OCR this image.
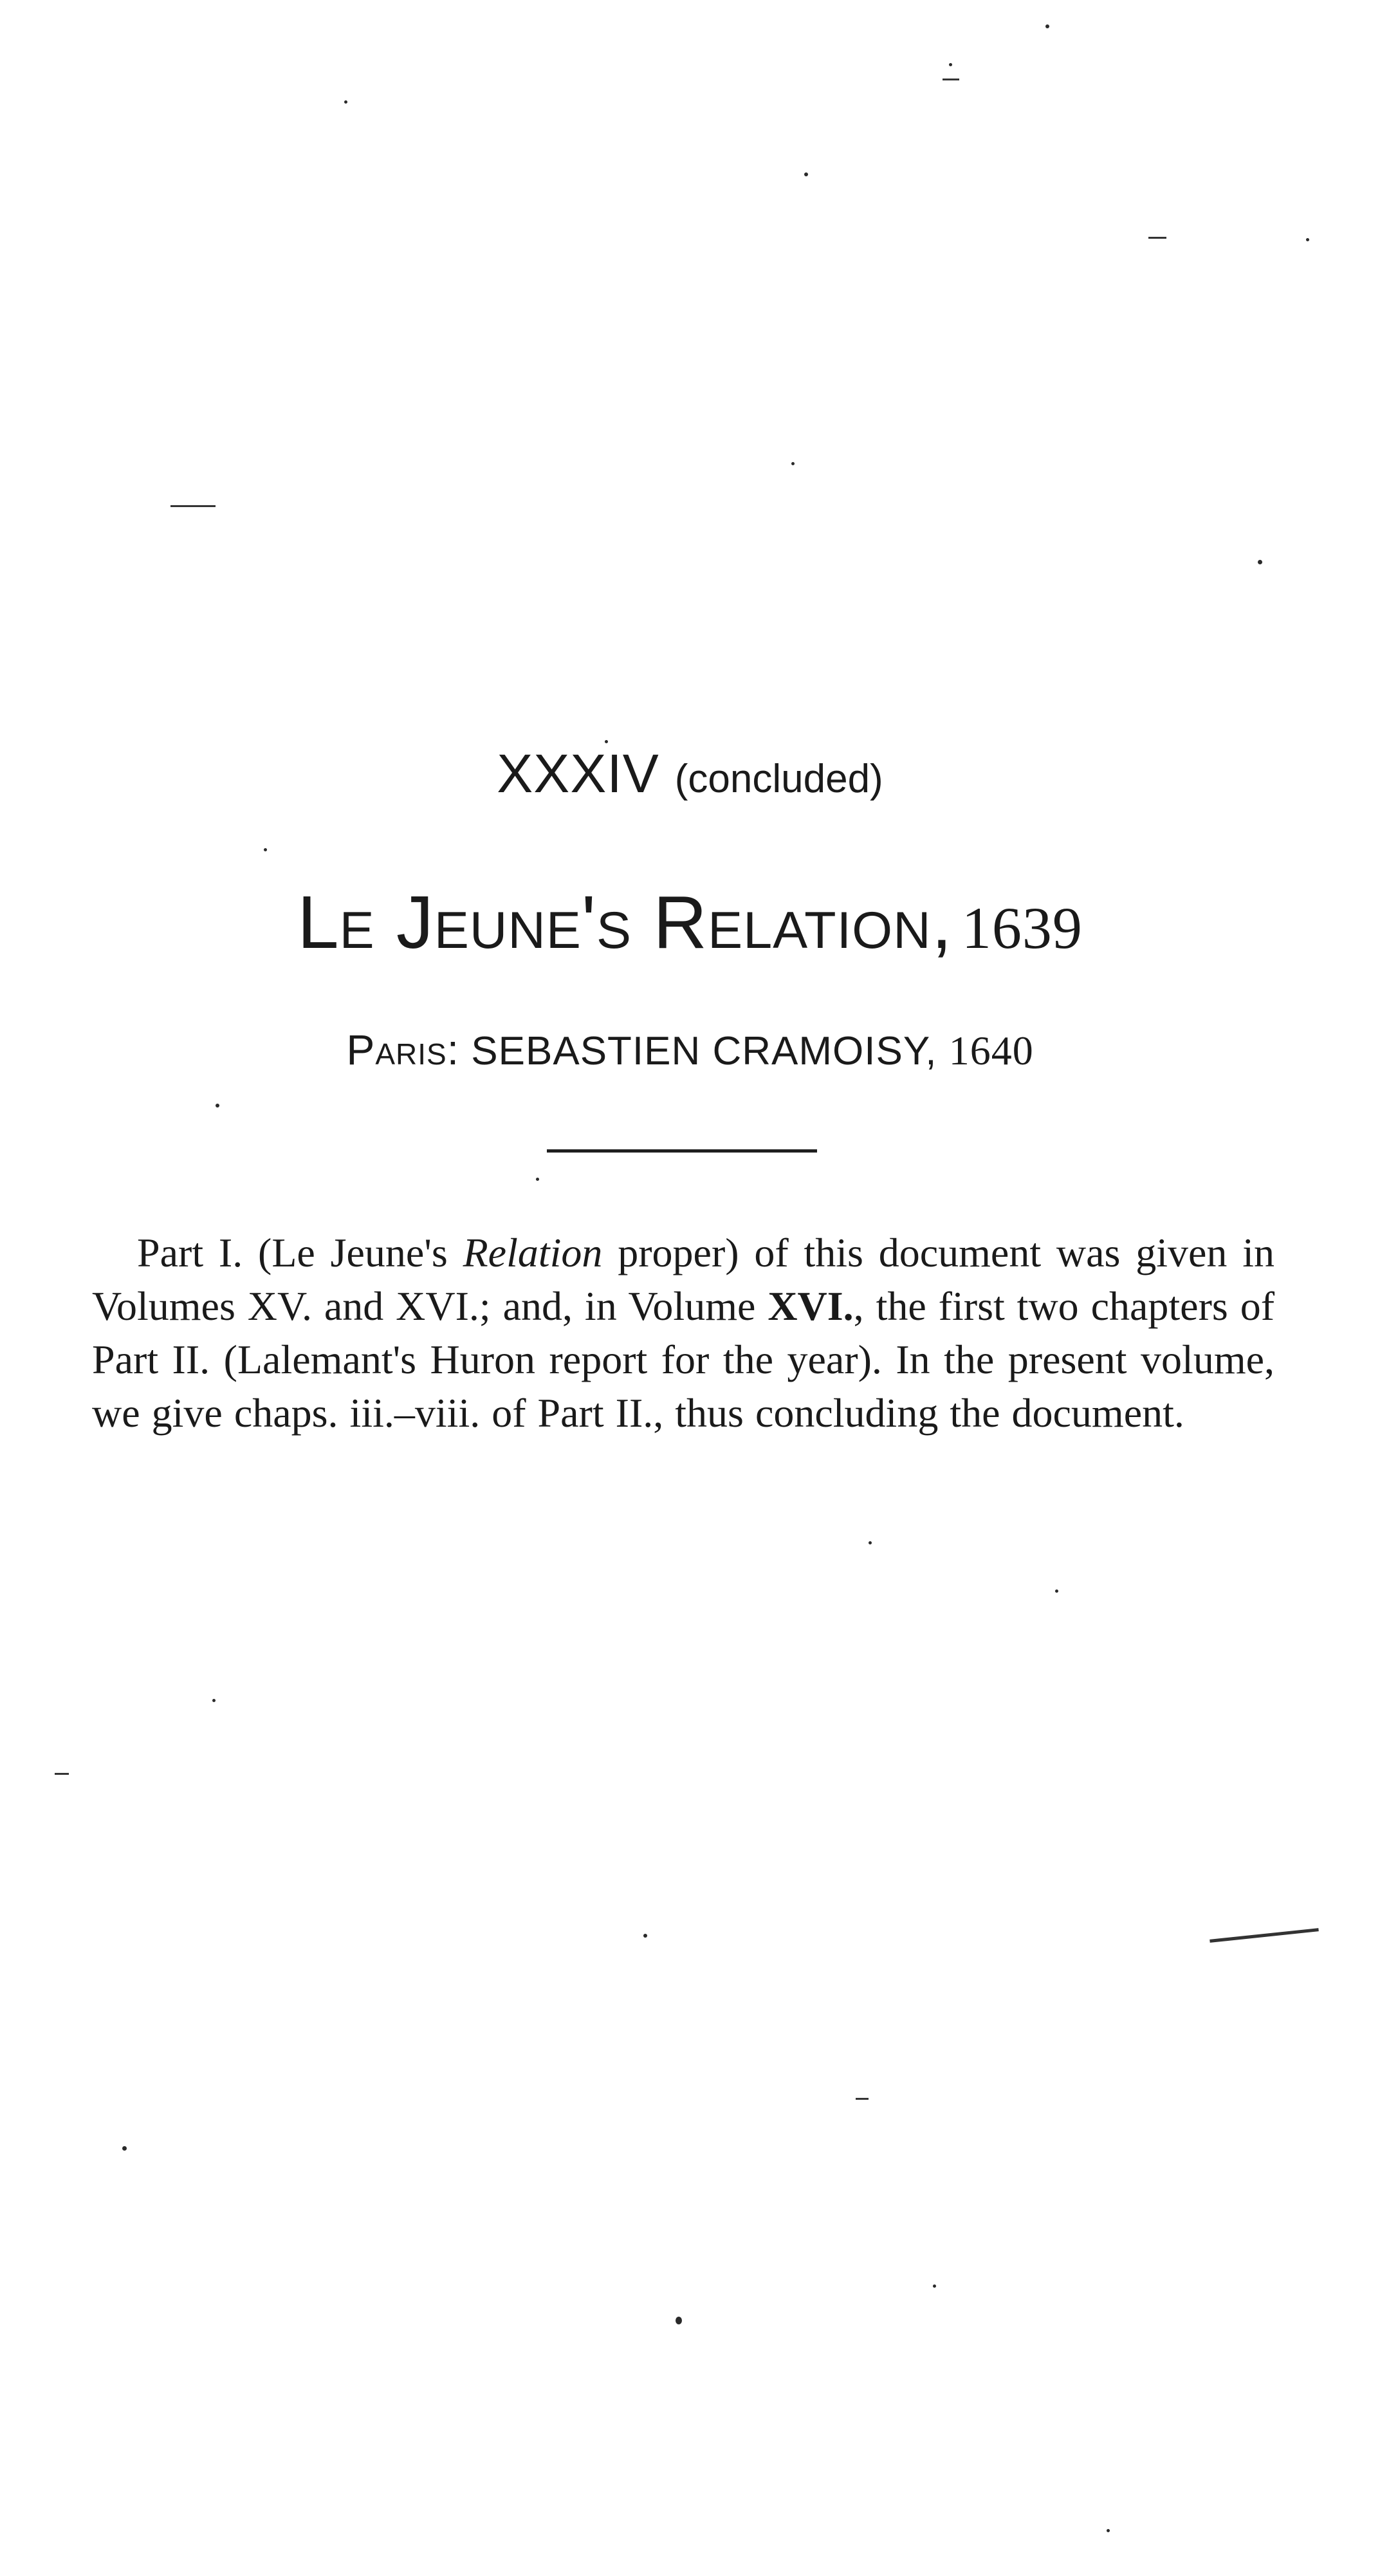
XXXIV (concluded)
Le Jeune's Relation, 1639
Paris: SEBASTIEN CRAMOISY, 1640

Part I. (Le Jeune's Relation proper) of this document was given in Volumes XV. and XVI.; and, in Volume XVI., the first two chapters of Part II. (Lalemant's Huron report for the year). In the present volume, we give chaps. iii.–viii. of Part II., thus concluding the document.
